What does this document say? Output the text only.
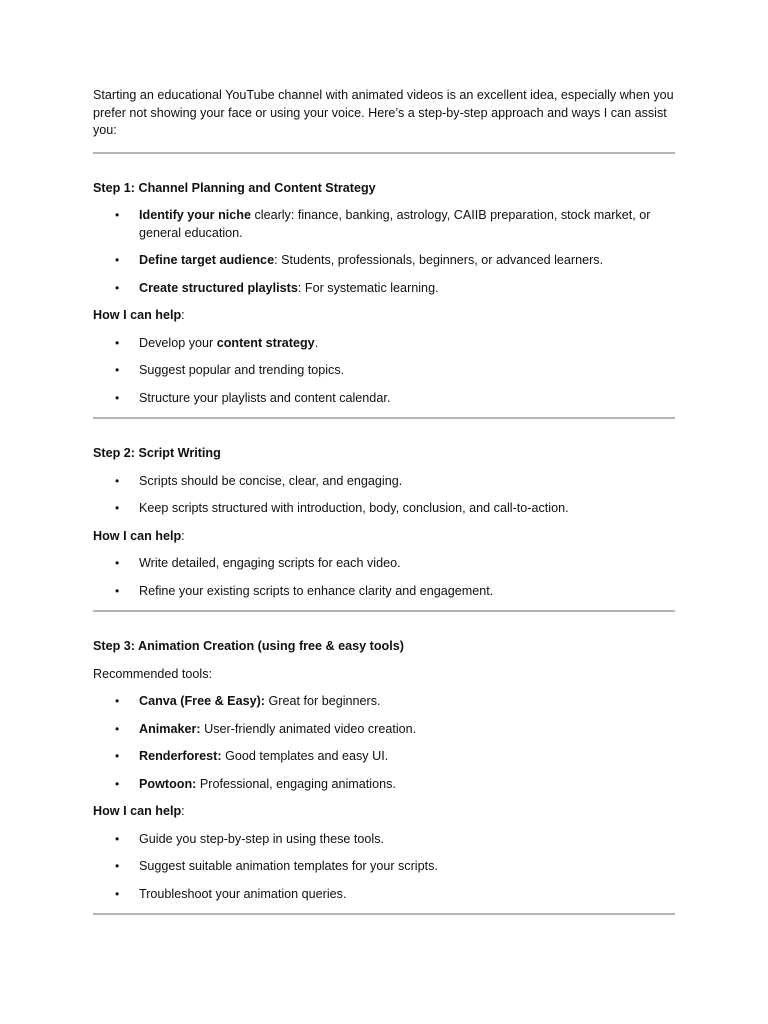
Starting an educational YouTube channel with animated videos is an excellent idea, especially when you prefer not showing your face or using your voice. Here’s a step-by-step approach and ways I can assist you:

Step 1: Channel Planning and Content Strategy

• Identify your niche clearly: finance, banking, astrology, CAIIB preparation, stock market, or general education.
• Define target audience: Students, professionals, beginners, or advanced learners.
• Create structured playlists: For systematic learning.

How I can help:

• Develop your content strategy.
• Suggest popular and trending topics.
• Structure your playlists and content calendar.

Step 2: Script Writing

• Scripts should be concise, clear, and engaging.
• Keep scripts structured with introduction, body, conclusion, and call-to-action.

How I can help:

• Write detailed, engaging scripts for each video.
• Refine your existing scripts to enhance clarity and engagement.

Step 3: Animation Creation (using free & easy tools)

Recommended tools:

• Canva (Free & Easy): Great for beginners.
• Animaker: User-friendly animated video creation.
• Renderforest: Good templates and easy UI.
• Powtoon: Professional, engaging animations.

How I can help:

• Guide you step-by-step in using these tools.
• Suggest suitable animation templates for your scripts.
• Troubleshoot your animation queries.
